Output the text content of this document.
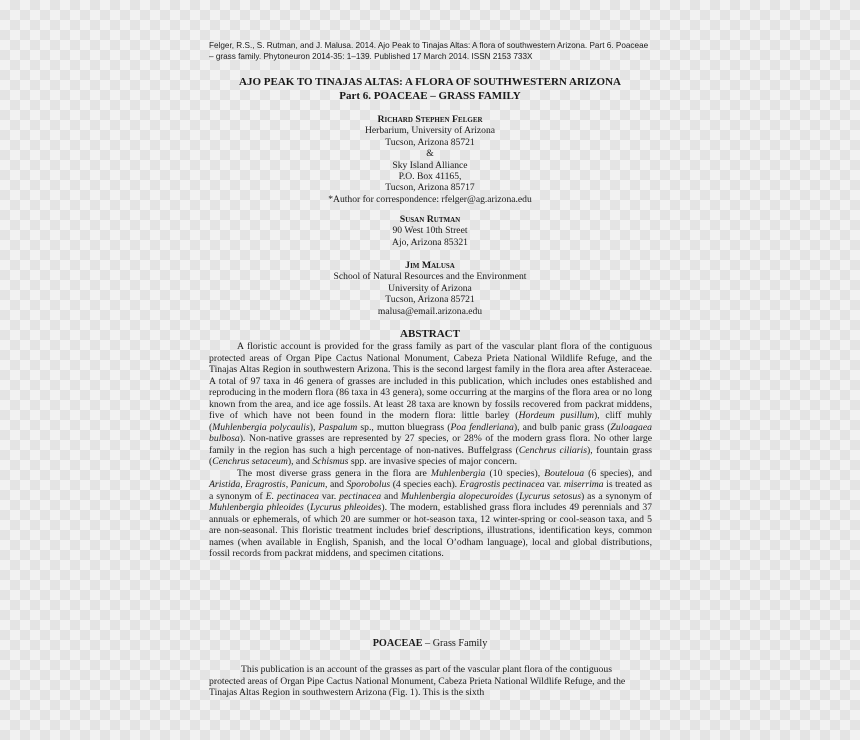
Felger, R.S., S. Rutman, and J. Malusa. 2014. Ajo Peak to Tinajas Altas: A flora of southwestern Arizona. Part 6. Poaceae – grass family. Phytoneuron 2014-35: 1–139. Published 17 March 2014. ISSN 2153 733X
AJO PEAK TO TINAJAS ALTAS: A FLORA OF SOUTHWESTERN ARIZONA
Part 6. POACEAE – GRASS FAMILY
Richard Stephen Felger
Herbarium, University of Arizona
Tucson, Arizona 85721
&
Sky Island Alliance
P.O. Box 41165,
Tucson, Arizona 85717
*Author for correspondence: rfelger@ag.arizona.edu
Susan Rutman
90 West 10th Street
Ajo, Arizona 85321
Jim Malusa
School of Natural Resources and the Environment
University of Arizona
Tucson, Arizona 85721
malusa@email.arizona.edu
ABSTRACT

A floristic account is provided for the grass family as part of the vascular plant flora of the contiguous protected areas of Organ Pipe Cactus National Monument, Cabeza Prieta National Wildlife Refuge, and the Tinajas Altas Region in southwestern Arizona. This is the second largest family in the flora area after Asteraceae. A total of 97 taxa in 46 genera of grasses are included in this publication, which includes ones established and reproducing in the modern flora (86 taxa in 43 genera), some occurring at the margins of the flora area or no long known from the area, and ice age fossils. At least 28 taxa are known by fossils recovered from packrat middens, five of which have not been found in the modern flora: little barley (Hordeum pusillum), cliff muhly (Muhlenbergia polycaulis), Paspalum sp., mutton bluegrass (Poa fendleriana), and bulb panic grass (Zuloagaea bulbosa). Non-native grasses are represented by 27 species, or 28% of the modern grass flora. No other large family in the region has such a high percentage of non-natives. Buffelgrass (Cenchrus ciliaris), fountain grass (Cenchrus setaceum), and Schismus spp. are invasive species of major concern.

The most diverse grass genera in the flora are Muhlenbergia (10 species), Bouteloua (6 species), and Aristida, Eragrostis, Panicum, and Sporobolus (4 species each). Eragrostis pectinacea var. miserrima is treated as a synonym of E. pectinacea var. pectinacea and Muhlenbergia alopecuroides (Lycurus setosus) as a synonym of Muhlenbergia phleoides (Lycurus phleoides). The modern, established grass flora includes 49 perennials and 37 annuals or ephemerals, of which 20 are summer or hot-season taxa, 12 winter-spring or cool-season taxa, and 5 are non-seasonal. This floristic treatment includes brief descriptions, illustrations, identification keys, common names (when available in English, Spanish, and the local O’odham language), local and global distributions, fossil records from packrat middens, and specimen citations.

POACEAE – Grass Family

This publication is an account of the grasses as part of the vascular plant flora of the contiguous protected areas of Organ Pipe Cactus National Monument, Cabeza Prieta National Wildlife Refuge, and the Tinajas Altas Region in southwestern Arizona (Fig. 1). This is the sixth
